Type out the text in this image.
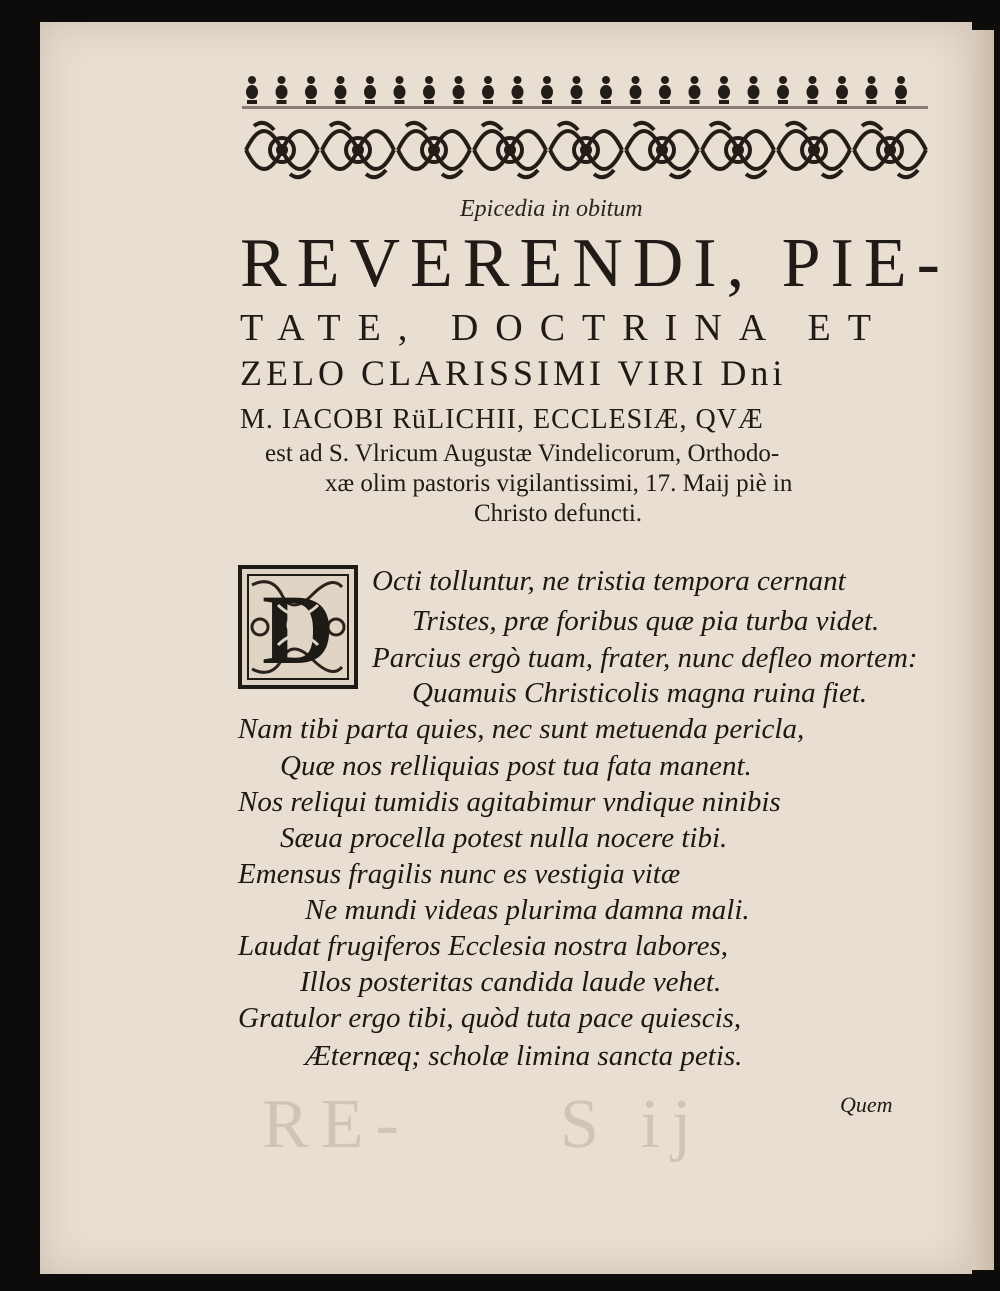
RE- S ij
Epicedia in obitum
REVERENDI, PIE-
TATE, DOCTRINA ET
ZELO CLARISSIMI VIRI Dni
M. IACOBI RüLICHII, ECCLESIÆ, QVÆ
est ad S. Vlricum Augustæ Vindelicorum, Orthodo-
xæ olim pastoris vigilantissimi, 17. Maij piè in
Christo defuncti.
D Octi tolluntur, ne tristia tempora cernant
Tristes, præ foribus quæ pia turba videt.
Parcius ergò tuam, frater, nunc defleo mortem:
Quamuis Christicolis magna ruina fiet.
Nam tibi parta quies, nec sunt metuenda pericla,
Quæ nos relliquias post tua fata manent.
Nos reliqui tumidis agitabimur vndique ninibis
Sæua procella potest nulla nocere tibi.
Emensus fragilis nunc es vestigia vitæ
Ne mundi videas plurima damna mali.
Laudat frugiferos Ecclesia nostra labores,
Illos posteritas candida laude vehet.
Gratulor ergo tibi, quòd tuta pace quiescis,
Æternæq; scholæ limina sancta petis.
Quem
